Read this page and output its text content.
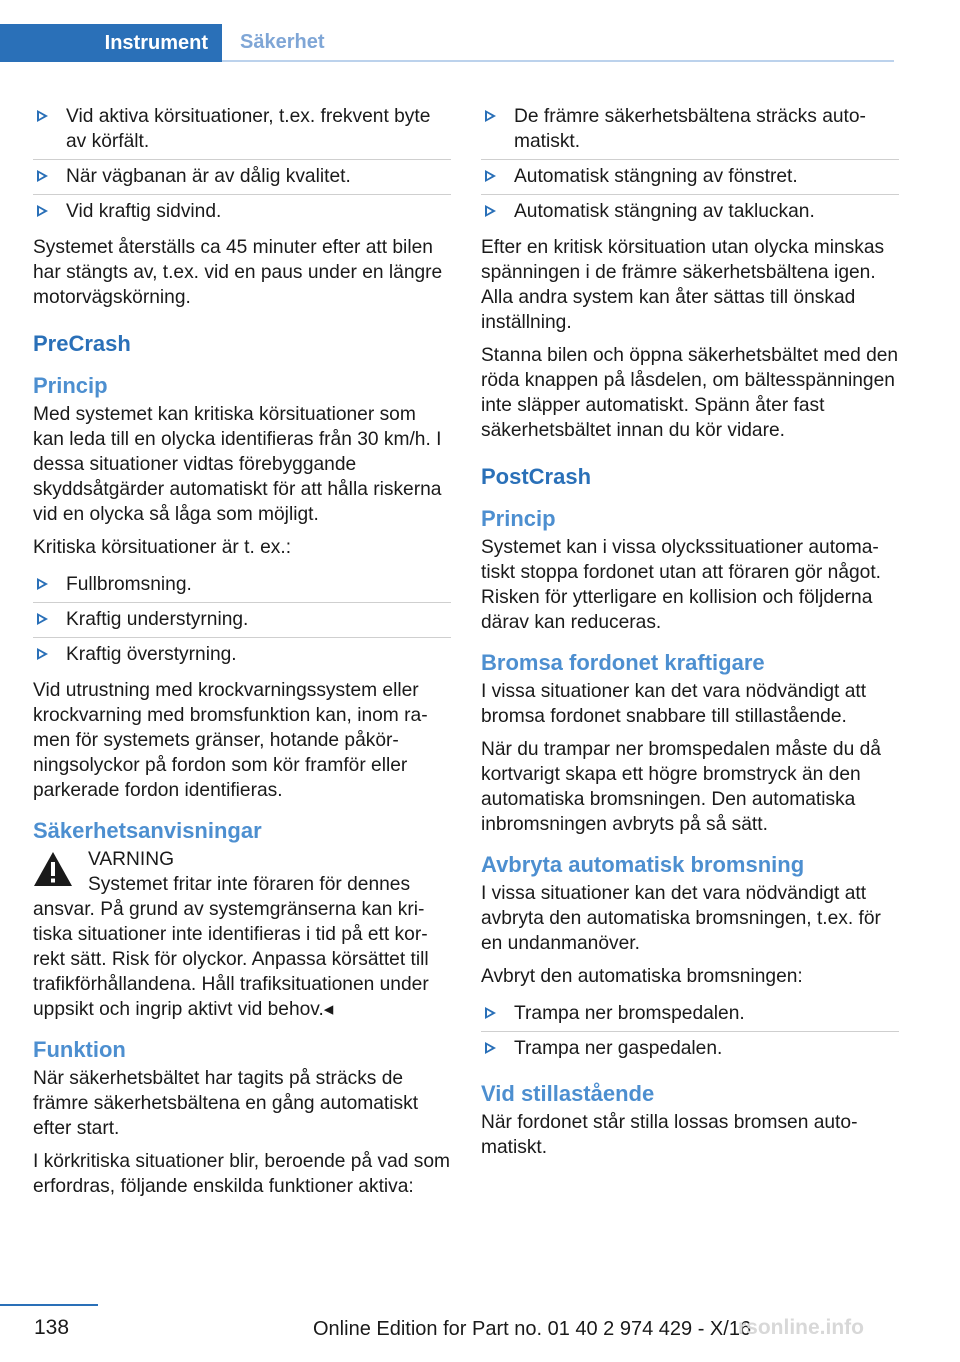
Instrument	Säkerhet
Vid aktiva körsituationer, t.ex. frekvent byte av körfält.
När vägbanan är av dålig kvalitet.
Vid kraftig sidvind.

Systemet återställs ca 45 minuter efter att bilen har stängts av, t.ex. vid en paus under en längre motorvägskörning.

PreCrash
Princip

Med systemet kan kritiska körsituationer som kan leda till en olycka identifieras från 30 km/h. I dessa situationer vidtas förebyggande skyddsåtgärder automatiskt för att hålla riskerna vid en olycka så låga som möjligt.

Kritiska körsituationer är t. ex.:

Fullbromsning.
Kraftig understyrning.
Kraftig överstyrning.

Vid utrustning med krockvarningssystem eller krockvarning med bromsfunktion kan, inom ramen för systemets gränser, hotande påkörningsolyckor på fordon som kör framför eller parkerade fordon identifieras.

Säkerhetsanvisningar
VARNING
Systemet fritar inte föraren för dennes
ansvar. På grund av systemgränserna kan kritiska situationer inte identifieras i tid på ett korrekt sätt. Risk för olyckor. Anpassa körsättet till trafikförhållandena. Håll trafiksituationen under uppsikt och ingrip aktivt vid behov.◂
Funktion

När säkerhetsbältet har tagits på sträcks de främre säkerhetsbältena en gång automatiskt efter start.

I körkritiska situationer blir, beroende på vad som erfordras, följande enskilda funktioner aktiva:

De främre säkerhetsbältena sträcks automatiskt.
Automatisk stängning av fönstret.
Automatisk stängning av takluckan.

Efter en kritisk körsituation utan olycka minskas spänningen i de främre säkerhetsbältena igen. Alla andra system kan åter sättas till önskad inställning.

Stanna bilen och öppna säkerhetsbältet med den röda knappen på låsdelen, om bältesspänningen inte släpper automatiskt. Spänn åter fast säkerhetsbältet innan du kör vidare.

PostCrash
Princip

Systemet kan i vissa olyckssituationer automatiskt stoppa fordonet utan att föraren gör något. Risken för ytterligare en kollision och följderna därav kan reduceras.

Bromsa fordonet kraftigare

I vissa situationer kan det vara nödvändigt att bromsa fordonet snabbare till stillastående.

När du trampar ner bromspedalen måste du då kortvarigt skapa ett högre bromstryck än den automatiska bromsningen. Den automatiska inbromsningen avbryts på så sätt.

Avbryta automatisk bromsning

I vissa situationer kan det vara nödvändigt att avbryta den automatiska bromsningen, t.ex. för en undanmanöver.

Avbryt den automatiska bromsningen:

Trampa ner bromspedalen.
Trampa ner gaspedalen.
Vid stillastående

När fordonet står stilla lossas bromsen automatiskt.

138	Online Edition for Part no. 01 40 2 974 429 - X/16
rsonline.info
